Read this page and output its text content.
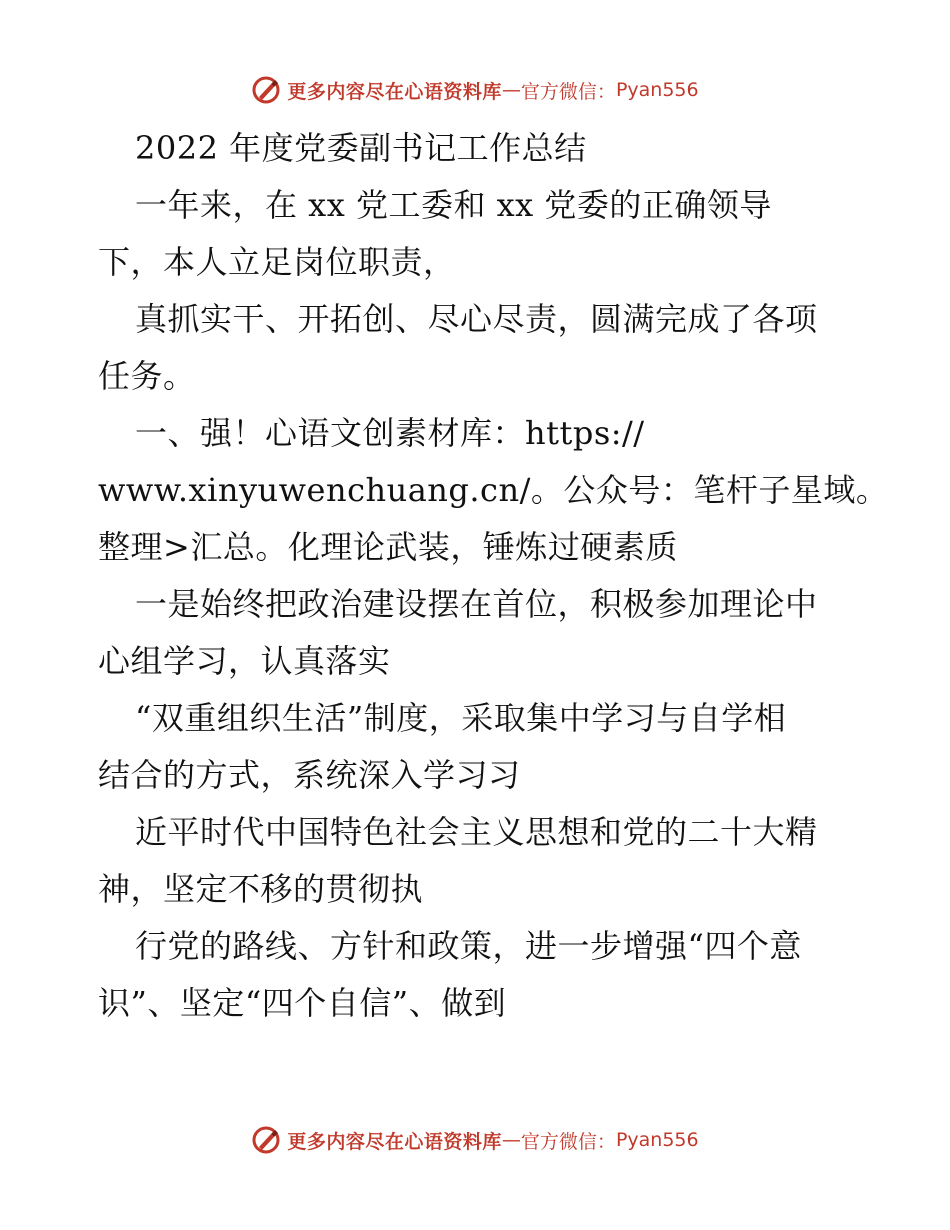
更多内容尽在心语资料库 — 官方微信： Pyan556
2022 年度党委副书记工作总结
一年来，在 xx 党工委和 xx 党委的正确领导
下，本人立足岗位职责，
真抓实干、开拓创、尽心尽责，圆满完成了各项
任务。
一、强！心语文创素材库：https://
www.xinyuwenchuang.cn/。公众号：笔杆子星域。
整理>汇总。化理论武装，锤炼过硬素质
一是始终把政治建设摆在首位，积极参加理论中
心组学习，认真落实
“双重组织生活”制度，采取集中学习与自学相
结合的方式，系统深入学习习
近平时代中国特色社会主义思想和党的二十大精
神，坚定不移的贯彻执
行党的路线、方针和政策，进一步增强“四个意
识”、坚定“四个自信”、做到
更多内容尽在心语资料库 — 官方微信： Pyan556
